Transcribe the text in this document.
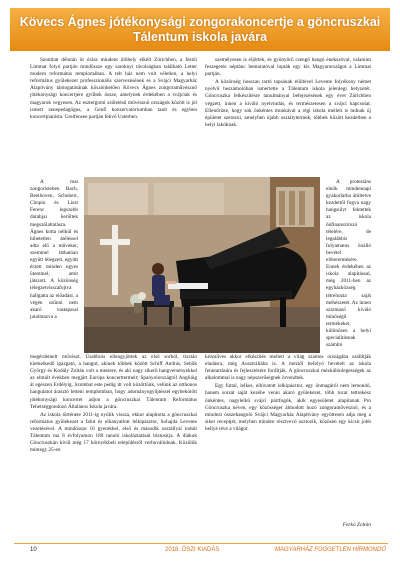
Kövecs Ágnes jótékonysági zongorakoncertje a göncruszkai Tálentum iskola javára

Szombat délután öt órára mindent ülőhely elkélt Zürichben, a festői Limmat folyó partján mindössze egy saroknyi távolságban található Letter modern református templomában. A telt ház nem volt véletlen, a helyi református gyülekezet professzionális szervezésének és a Svájci Magyarház Alapítvány támogatásának köszönhetően Kövecs Ágnes zongoraművésznő jótékonysági koncertjére gyűltek össze, amelynek érdekében a svájciak és magyarok vegyesen. Az esztergomi születésű művésznő országok között is jól ismert zenepedagógus, a Genfi konzervatóriumban tanít és egyben koncertpianista. Greifensee partján fekvő Usterben.

A mai zongoristeben Bach, Beethoven, Schubert, Chopin és Liszt Ferenc legszebb darabjai kerültek megszólaltatásra. Ágnes kotta nélkül és hihetetlen átéléssel adta elő a műveket, szemmel láthatóan együtt lélegzett, együtt érzett minden egyes ütemmel, amit játszott. A közönség lélegzetvisszafojtva hallgatta az előadást, a végén szűnni nem akaró vastapssal jutalmazva a

személyesen is eljöttek, és gyönyörű csengő hangú énekszóval, valamint feszegetés néptánc bemutatóval lopták egy kis Magyarországot a Limmat partján.

A közönség hosszan tartó tapsának elültével Levente folyékony német nyelvű beszámolóban ismertette a Tálentum iskola jelenlegi helyzetét. Göncruszka felkészítésre tanulmányai befejezésének egy évet Zürichben végzett, innen a kiváló nyelvtudás, és természetesen a svájci kapcsolat. Ellenőrizte, hogy sok önkéntes munkával a régi iskola mellett is tudnak új épületet szerezni, amelyben újabb osztálytermek, többek között kezdetben a helyi lakóknak.

A protestáns elnök mindennapi gyakorlatba átültetve kezdettől fogva nagy hangsúlyt fektettek az iskola önfinanszírozó tételére, de legalábbis folyamatos önálló bevétel előteremtésére. Ennek érdekében az iskola alapítással, még 2011-ben az egyházközség létrehozta saját méhészetét. Az innen származó kiváló minőségű termékeket, különösen a helyi specialitásnak számító

megérdemelt művészt. Úsabbrós ellengyjöttek az első sorból, tisztán kiemelkedő igazgató, a hangot, akinek többek között Schiff András, Sebők György és Kodály Zoltán volt a mestere, és aki nagy sikerű hangversenyekkel az elmúlt években megjárt Európa koncerttermeit; Spanyolországtól Angliáig át egészen Erdélyig. Szombat este pedig itt volt közöttünk, velünk az otthonos hangulatot árasztó letteni templomban, hogy adományogyűjtéssel egybekötött jótékonysági koncertet adjon a göncruszkai Tálentum Református Tehetséggondozó Általános Iskola javára.

Az iskola története 2011-ig nyúlik vissza, ekkor alapította a göncruszkai református gyülekezet a falut és elhanyatlott lelkipásztor, Sohajda Levente vezetésével. A mindössze 16 gyerekkel, első és második osztállyal indult Tálentum ma 8 évfolyamon 180 tanuló iskoláztatását biztosítja. A diákok Göncruszkán kívül még 17 környékbeli településről verbuválódnak. Közülük mintegy 25-en

kézműves akkor elkészítés mellett a világ számos országába szállítják eladásra, még Ausztráliába is. A méztől befolyó bevételt az iskola fenntartására és fejlesztésére fordítják. A göncruszkai mézkülönlegességek az alkalommal is nagy népszerűségnek örvendtek.

Egy futtal, lelkes, elhivatott lelkipásztor, egy önmagáról nem lemondó, hanem sorsát saját kezébe venni akaró gyülekezet, több tucat tettrekész önkéntes, nagylelkű svájci pártfogók, akik egyesületet alapítanak Pro Göncruszka néven, egy közösséget álmodott hozó zongoraművésznő, és a mindezt összehangoló Svájci Magyarház Alapítvány egyöttesen adja meg a siker receptjét, melyben minden résztvevő osztozik, közösen egy kicsit jobb hellyé téve a világot.

Ferkó Zoltán
10	2018. ŐSZI KIADÁS	MAGYARHÁZ FÜGGETLEN HÍRMONDÓ
